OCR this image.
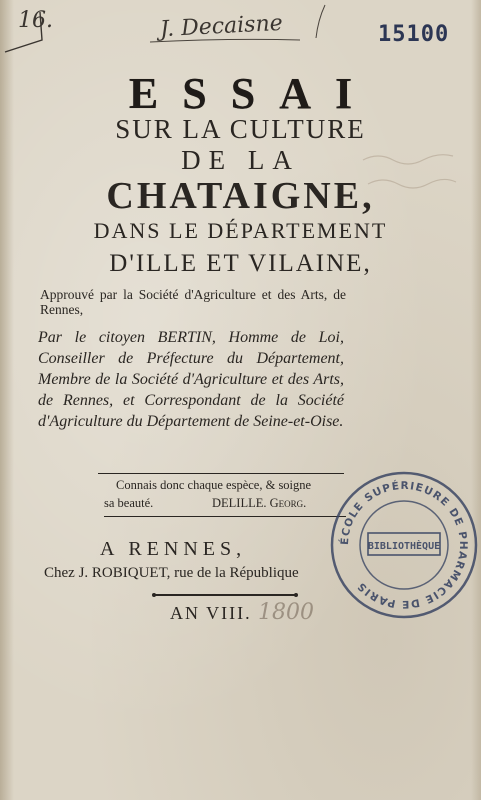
16.	J. Decaisne	15100

ESSAI

SUR LA CULTURE

DE LA

CHATAIGNE,

DANS LE DÉPARTEMENT

D'ILLE ET VILAINE,

Approuvé par la Société d'Agriculture et des Arts, de Rennes,

Par le citoyen BERTIN, Homme de Loi, Conseiller de Préfecture du Département, Membre de la Société d'Agriculture et des Arts, de Rennes, et Correspondant de la Société d'Agriculture du Département de Seine-et-Oise.

Connais donc chaque espèce, & soigne

sa beauté.	DELILLE. Georg.

A RENNES,

Chez J. ROBIQUET, rue de la République

AN VIII. 1800

ÉCOLE SUPÉRIEURE DE PHARMACIE DE PARIS
BIBLIOTHÈQUE
